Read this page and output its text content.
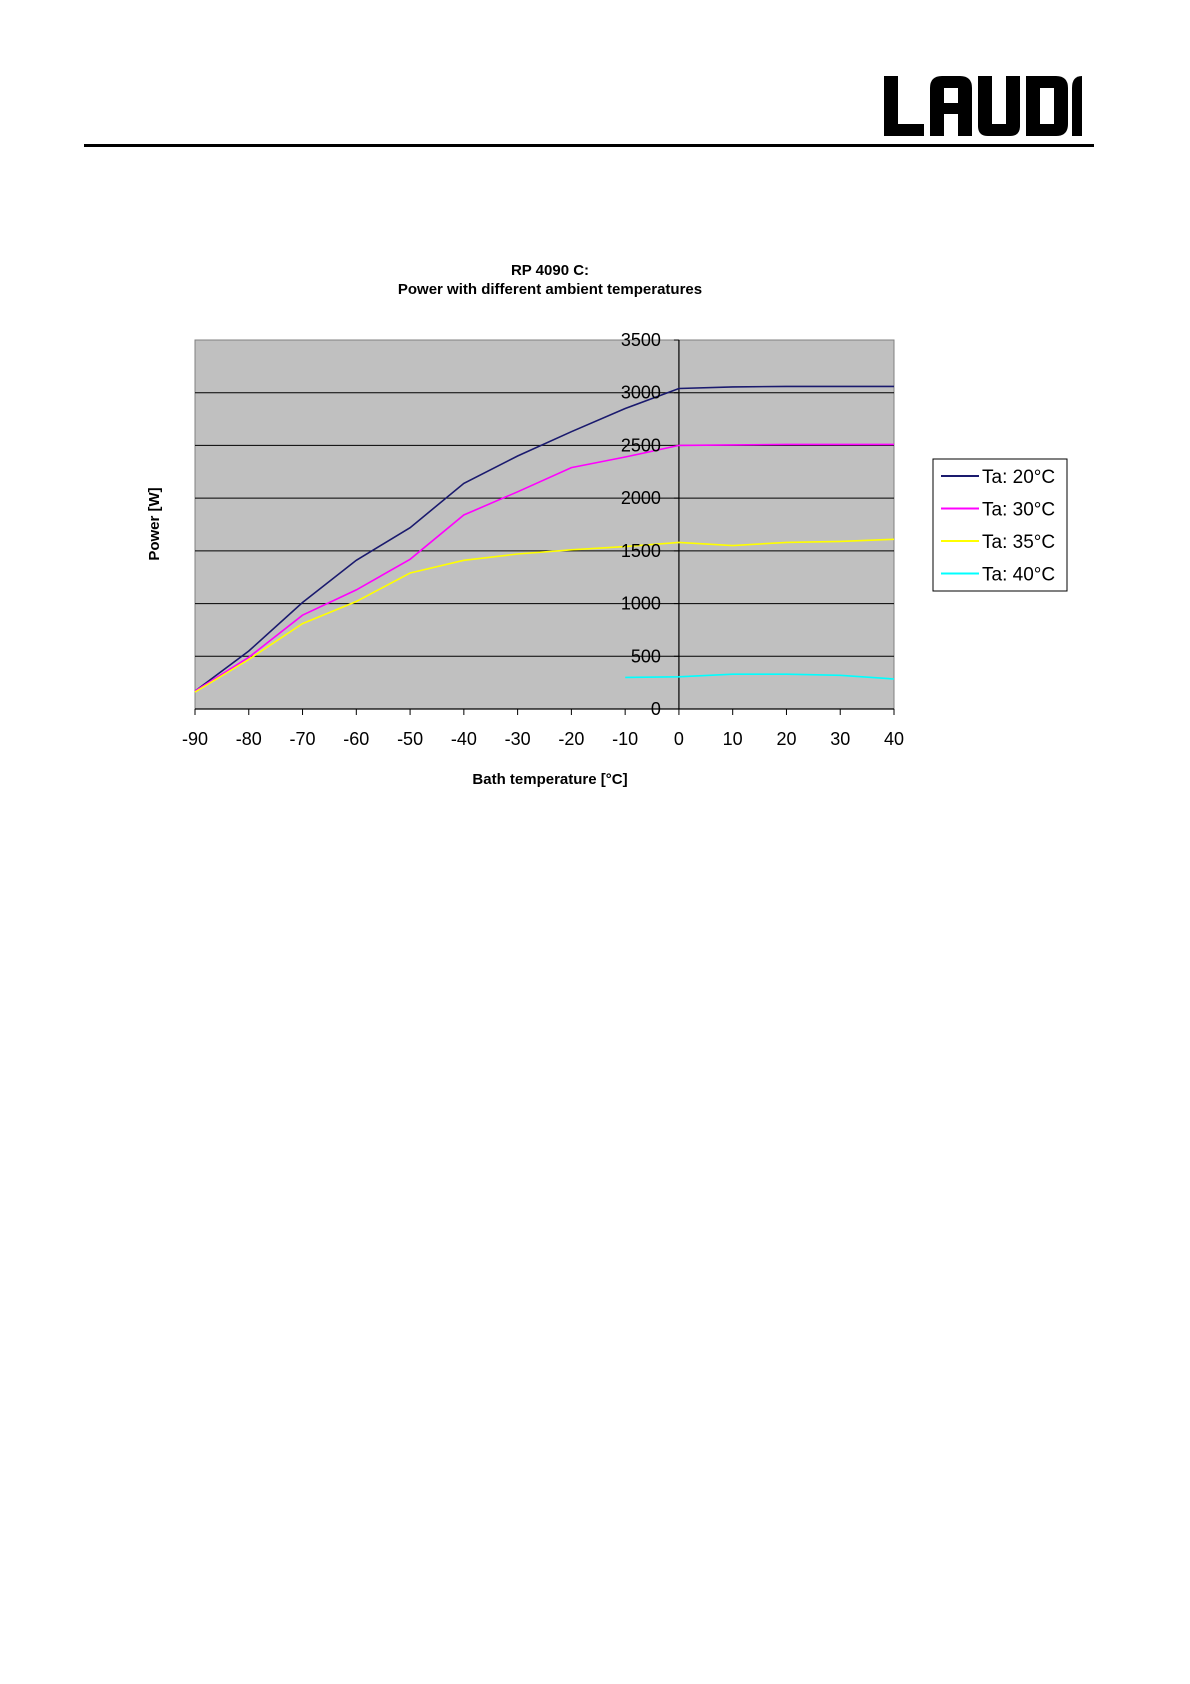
RP 4090 C:
Power with different ambient temperatures
-90 -80 -70 -60 -50 -40 -30 -20 -10 0 10 20 30 40
0
500
1000
1500
2000
2500
3000
3500
Bath temperature [°C]
Power [W]
Ta: 20°C
Ta: 30°C
Ta: 35°C
Ta: 40°C
